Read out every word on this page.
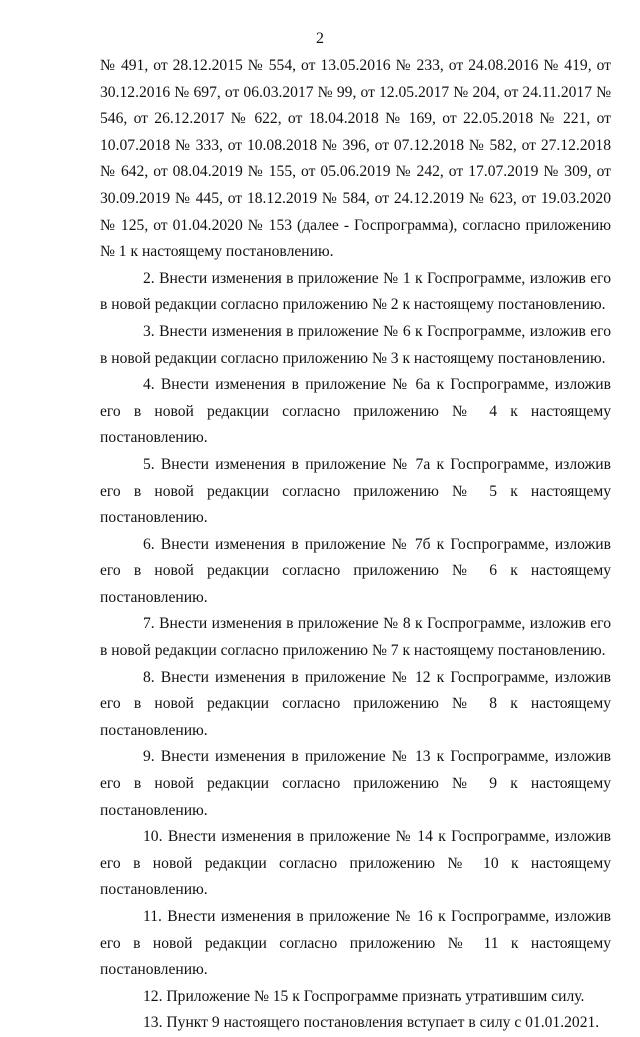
2

№ 491, от 28.12.2015 № 554, от 13.05.2016 № 233, от 24.08.2016 № 419, от 30.12.2016 № 697, от 06.03.2017 № 99, от 12.05.2017 № 204, от 24.11.2017 № 546, от 26.12.2017 № 622, от 18.04.2018 № 169, от 22.05.2018 № 221, от 10.07.2018 № 333, от 10.08.2018 № 396, от 07.12.2018 № 582, от 27.12.2018 № 642, от 08.04.2019 № 155, от 05.06.2019 № 242, от 17.07.2019 № 309, от 30.09.2019 № 445, от 18.12.2019 № 584, от 24.12.2019 № 623, от 19.03.2020 № 125, от 01.04.2020 № 153 (далее - Госпрограмма), согласно приложению № 1 к настоящему постановлению.

2. Внести изменения в приложение № 1 к Госпрограмме, изложив его в новой редакции согласно приложению № 2 к настоящему постановлению.

3. Внести изменения в приложение № 6 к Госпрограмме, изложив его в новой редакции согласно приложению № 3 к настоящему постановлению.

4. Внести изменения в приложение № 6а к Госпрограмме, изложив его в новой редакции согласно приложению № 4 к настоящему постановлению.

5. Внести изменения в приложение № 7а к Госпрограмме, изложив его в новой редакции согласно приложению № 5 к настоящему постановлению.

6. Внести изменения в приложение № 7б к Госпрограмме, изложив его в новой редакции согласно приложению № 6 к настоящему постановлению.

7. Внести изменения в приложение № 8 к Госпрограмме, изложив его в новой редакции согласно приложению № 7 к настоящему постановлению.

8. Внести изменения в приложение № 12 к Госпрограмме, изложив его в новой редакции согласно приложению № 8 к настоящему постановлению.

9. Внести изменения в приложение № 13 к Госпрограмме, изложив его в новой редакции согласно приложению № 9 к настоящему постановлению.

10. Внести изменения в приложение № 14 к Госпрограмме, изложив его в новой редакции согласно приложению № 10 к настоящему постановлению.

11. Внести изменения в приложение № 16 к Госпрограмме, изложив его в новой редакции согласно приложению № 11 к настоящему постановлению.

12. Приложение № 15 к Госпрограмме признать утратившим силу.

13. Пункт 9 настоящего постановления вступает в силу с 01.01.2021.
